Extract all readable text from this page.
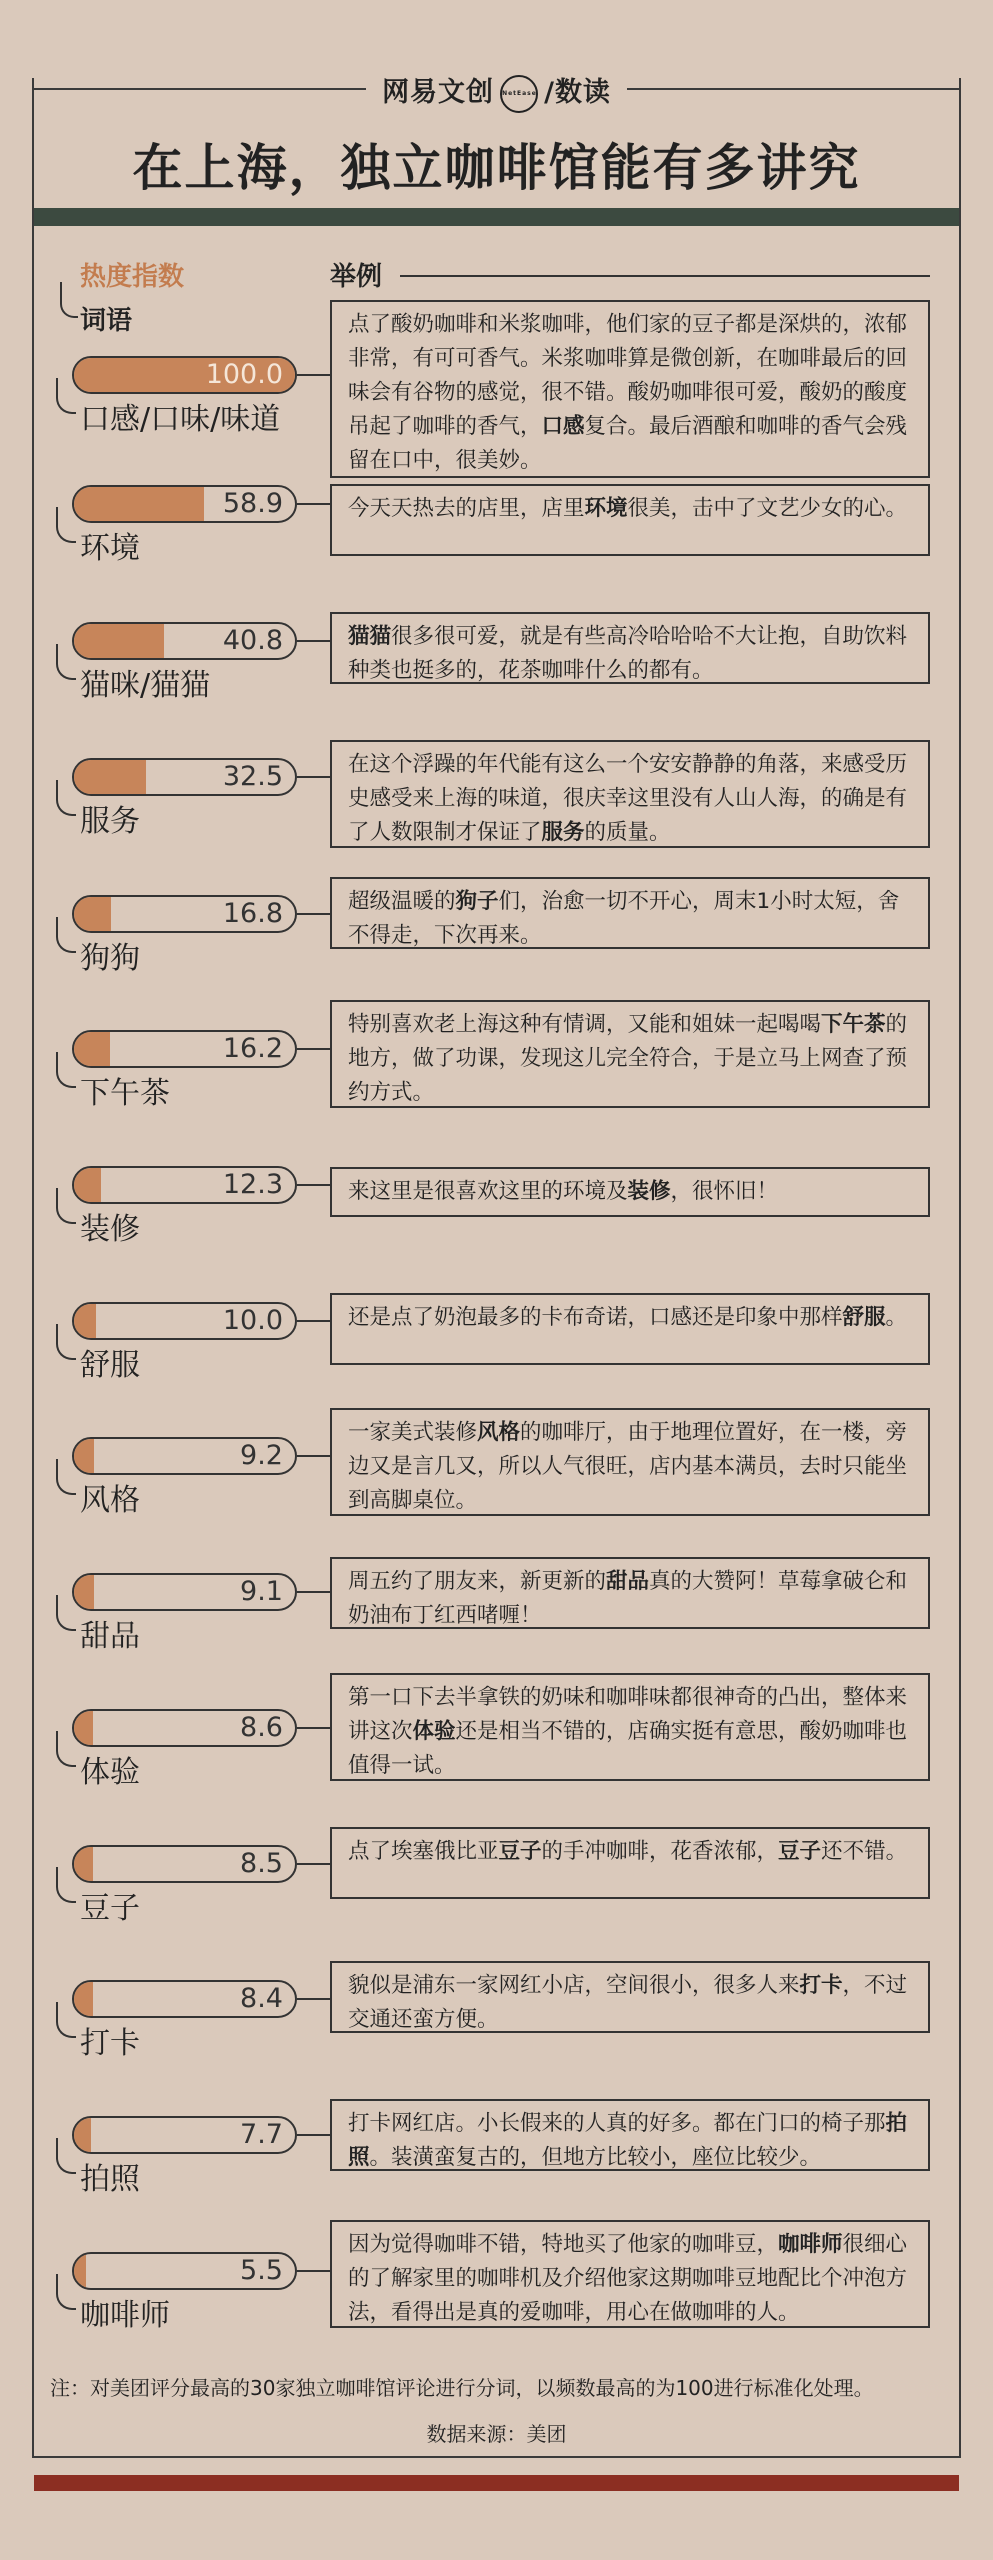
网易文创 NetEase /数读
在上海，独立咖啡馆能有多讲究
热度指数
词语
举例
100.0
口感/口味/味道
点了酸奶咖啡和米浆咖啡，他们家的豆子都是深烘的，浓郁非常，有可可香气。米浆咖啡算是微创新，在咖啡最后的回味会有谷物的感觉，很不错。酸奶咖啡很可爱，酸奶的酸度吊起了咖啡的香气，口感复合。最后酒酿和咖啡的香气会残留在口中，很美妙。
58.9
环境
今天天热去的店里，店里环境很美，击中了文艺少女的心。
40.8
猫咪/猫猫
猫猫很多很可爱，就是有些高冷哈哈哈不大让抱，自助饮料种类也挺多的，花茶咖啡什么的都有。
32.5
服务
在这个浮躁的年代能有这么一个安安静静的角落，来感受历史感受来上海的味道，很庆幸这里没有人山人海，的确是有了人数限制才保证了服务的质量。
16.8
狗狗
超级温暖的狗子们，治愈一切不开心，周末1小时太短，舍不得走，下次再来。
16.2
下午茶
特别喜欢老上海这种有情调，又能和姐妹一起喝喝下午茶的地方，做了功课，发现这儿完全符合，于是立马上网查了预约方式。
12.3
装修
来这里是很喜欢这里的环境及装修，很怀旧！
10.0
舒服
还是点了奶泡最多的卡布奇诺，口感还是印象中那样舒服。
9.2
风格
一家美式装修风格的咖啡厅，由于地理位置好，在一楼，旁边又是言几又，所以人气很旺，店内基本满员，去时只能坐到高脚桌位。
9.1
甜品
周五约了朋友来，新更新的甜品真的大赞阿！草莓拿破仑和奶油布丁红西啫喱！
8.6
体验
第一口下去半拿铁的奶味和咖啡味都很神奇的凸出，整体来讲这次体验还是相当不错的，店确实挺有意思，酸奶咖啡也值得一试。
8.5
豆子
点了埃塞俄比亚豆子的手冲咖啡，花香浓郁，豆子还不错。
8.4
打卡
貌似是浦东一家网红小店，空间很小，很多人来打卡，不过交通还蛮方便。
7.7
拍照
打卡网红店。小长假来的人真的好多。都在门口的椅子那拍照。装潢蛮复古的，但地方比较小，座位比较少。
5.5
咖啡师
因为觉得咖啡不错，特地买了他家的咖啡豆，咖啡师很细心的了解家里的咖啡机及介绍他家这期咖啡豆地配比个冲泡方法，看得出是真的爱咖啡，用心在做咖啡的人。
注：对美团评分最高的30家独立咖啡馆评论进行分词，以频数最高的为100进行标准化处理。
数据来源：美团
